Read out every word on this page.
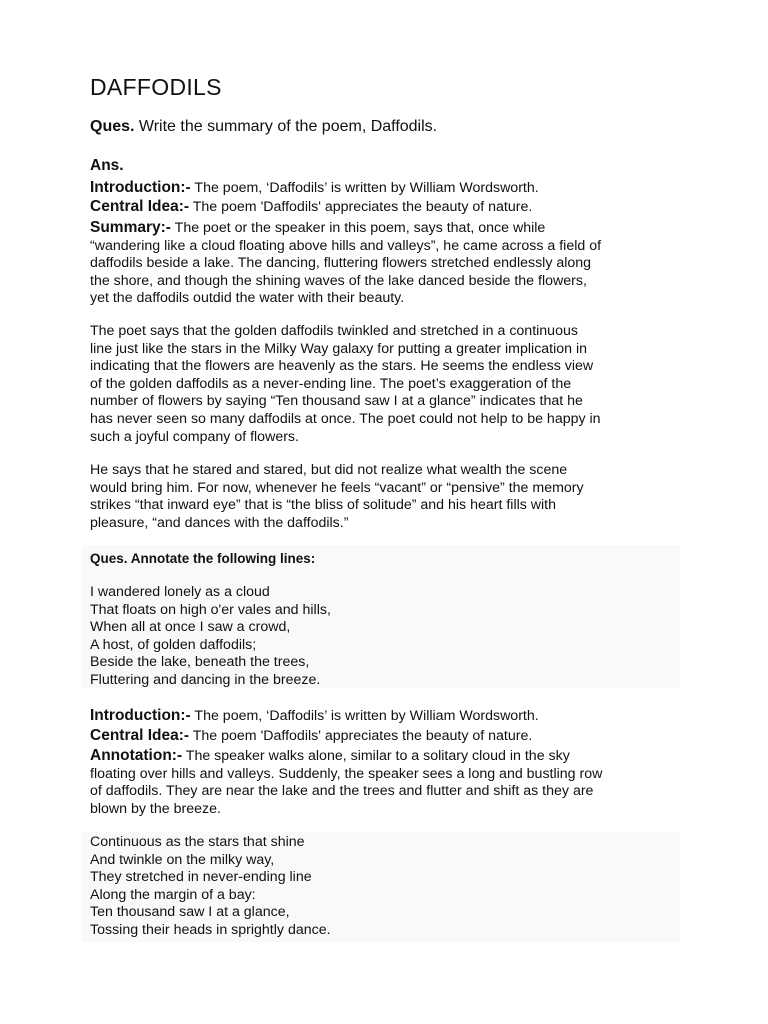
DAFFODILS
Ques. Write the summary of the poem, Daffodils.
Ans.
Introduction:- The poem, ‘Daffodils’ is written by William Wordsworth.
Central Idea:- The poem 'Daffodils' appreciates the beauty of nature.
Summary:- The poet or the speaker in this poem, says that, once while
“wandering like a cloud floating above hills and valleys”, he came across a field of
daffodils beside a lake. The dancing, fluttering flowers stretched endlessly along
the shore, and though the shining waves of the lake danced beside the flowers,
yet the daffodils outdid the water with their beauty.
The poet says that the golden daffodils twinkled and stretched in a continuous
line just like the stars in the Milky Way galaxy for putting a greater implication in
indicating that the flowers are heavenly as the stars. He seems the endless view
of the golden daffodils as a never-ending line. The poet’s exaggeration of the
number of flowers by saying “Ten thousand saw I at a glance” indicates that he
has never seen so many daffodils at once. The poet could not help to be happy in
such a joyful company of flowers.
He says that he stared and stared, but did not realize what wealth the scene
would bring him. For now, whenever he feels “vacant” or “pensive” the memory
strikes “that inward eye” that is “the bliss of solitude” and his heart fills with
pleasure, “and dances with the daffodils.”
Ques. Annotate the following lines:
I wandered lonely as a cloud
That floats on high o'er vales and hills,
When all at once I saw a crowd,
A host, of golden daffodils;
Beside the lake, beneath the trees,
Fluttering and dancing in the breeze.
Introduction:- The poem, ‘Daffodils’ is written by William Wordsworth.
Central Idea:- The poem 'Daffodils' appreciates the beauty of nature.
Annotation:- The speaker walks alone, similar to a solitary cloud in the sky
floating over hills and valleys. Suddenly, the speaker sees a long and bustling row
of daffodils. They are near the lake and the trees and flutter and shift as they are
blown by the breeze.
Continuous as the stars that shine
And twinkle on the milky way,
They stretched in never-ending line
Along the margin of a bay:
Ten thousand saw I at a glance,
Tossing their heads in sprightly dance.
